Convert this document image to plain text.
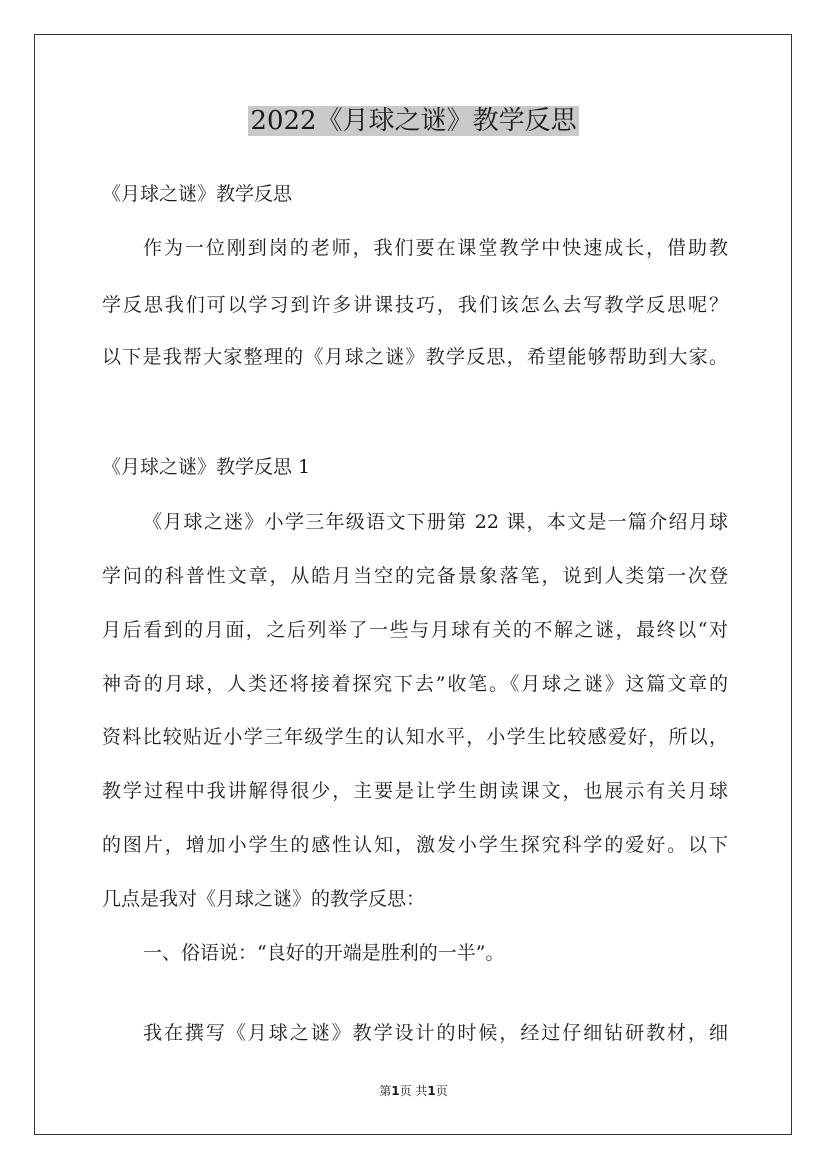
2022《月球之谜》教学反思
《月球之谜》教学反思
作为一位刚到岗的老师，我们要在课堂教学中快速成长，借助教
学反思我们可以学习到许多讲课技巧，我们该怎么去写教学反思呢？
以下是我帮大家整理的《月球之谜》教学反思，希望能够帮助到大家。
《月球之谜》教学反思 1
《月球之迷》小学三年级语文下册第 22 课，本文是一篇介绍月球
学问的科普性文章，从皓月当空的完备景象落笔，说到人类第一次登
月后看到的月面，之后列举了一些与月球有关的不解之谜，最终以“对
神奇的月球，人类还将接着探究下去”收笔。《月球之谜》这篇文章的
资料比较贴近小学三年级学生的认知水平，小学生比较感爱好，所以，
教学过程中我讲解得很少，主要是让学生朗读课文，也展示有关月球
的图片，增加小学生的感性认知，激发小学生探究科学的爱好。以下
几点是我对《月球之谜》的教学反思：
一、俗语说：“良好的开端是胜利的一半”。
我在撰写《月球之谜》教学设计的时候，经过仔细钻研教材，细
第1页 共1页
